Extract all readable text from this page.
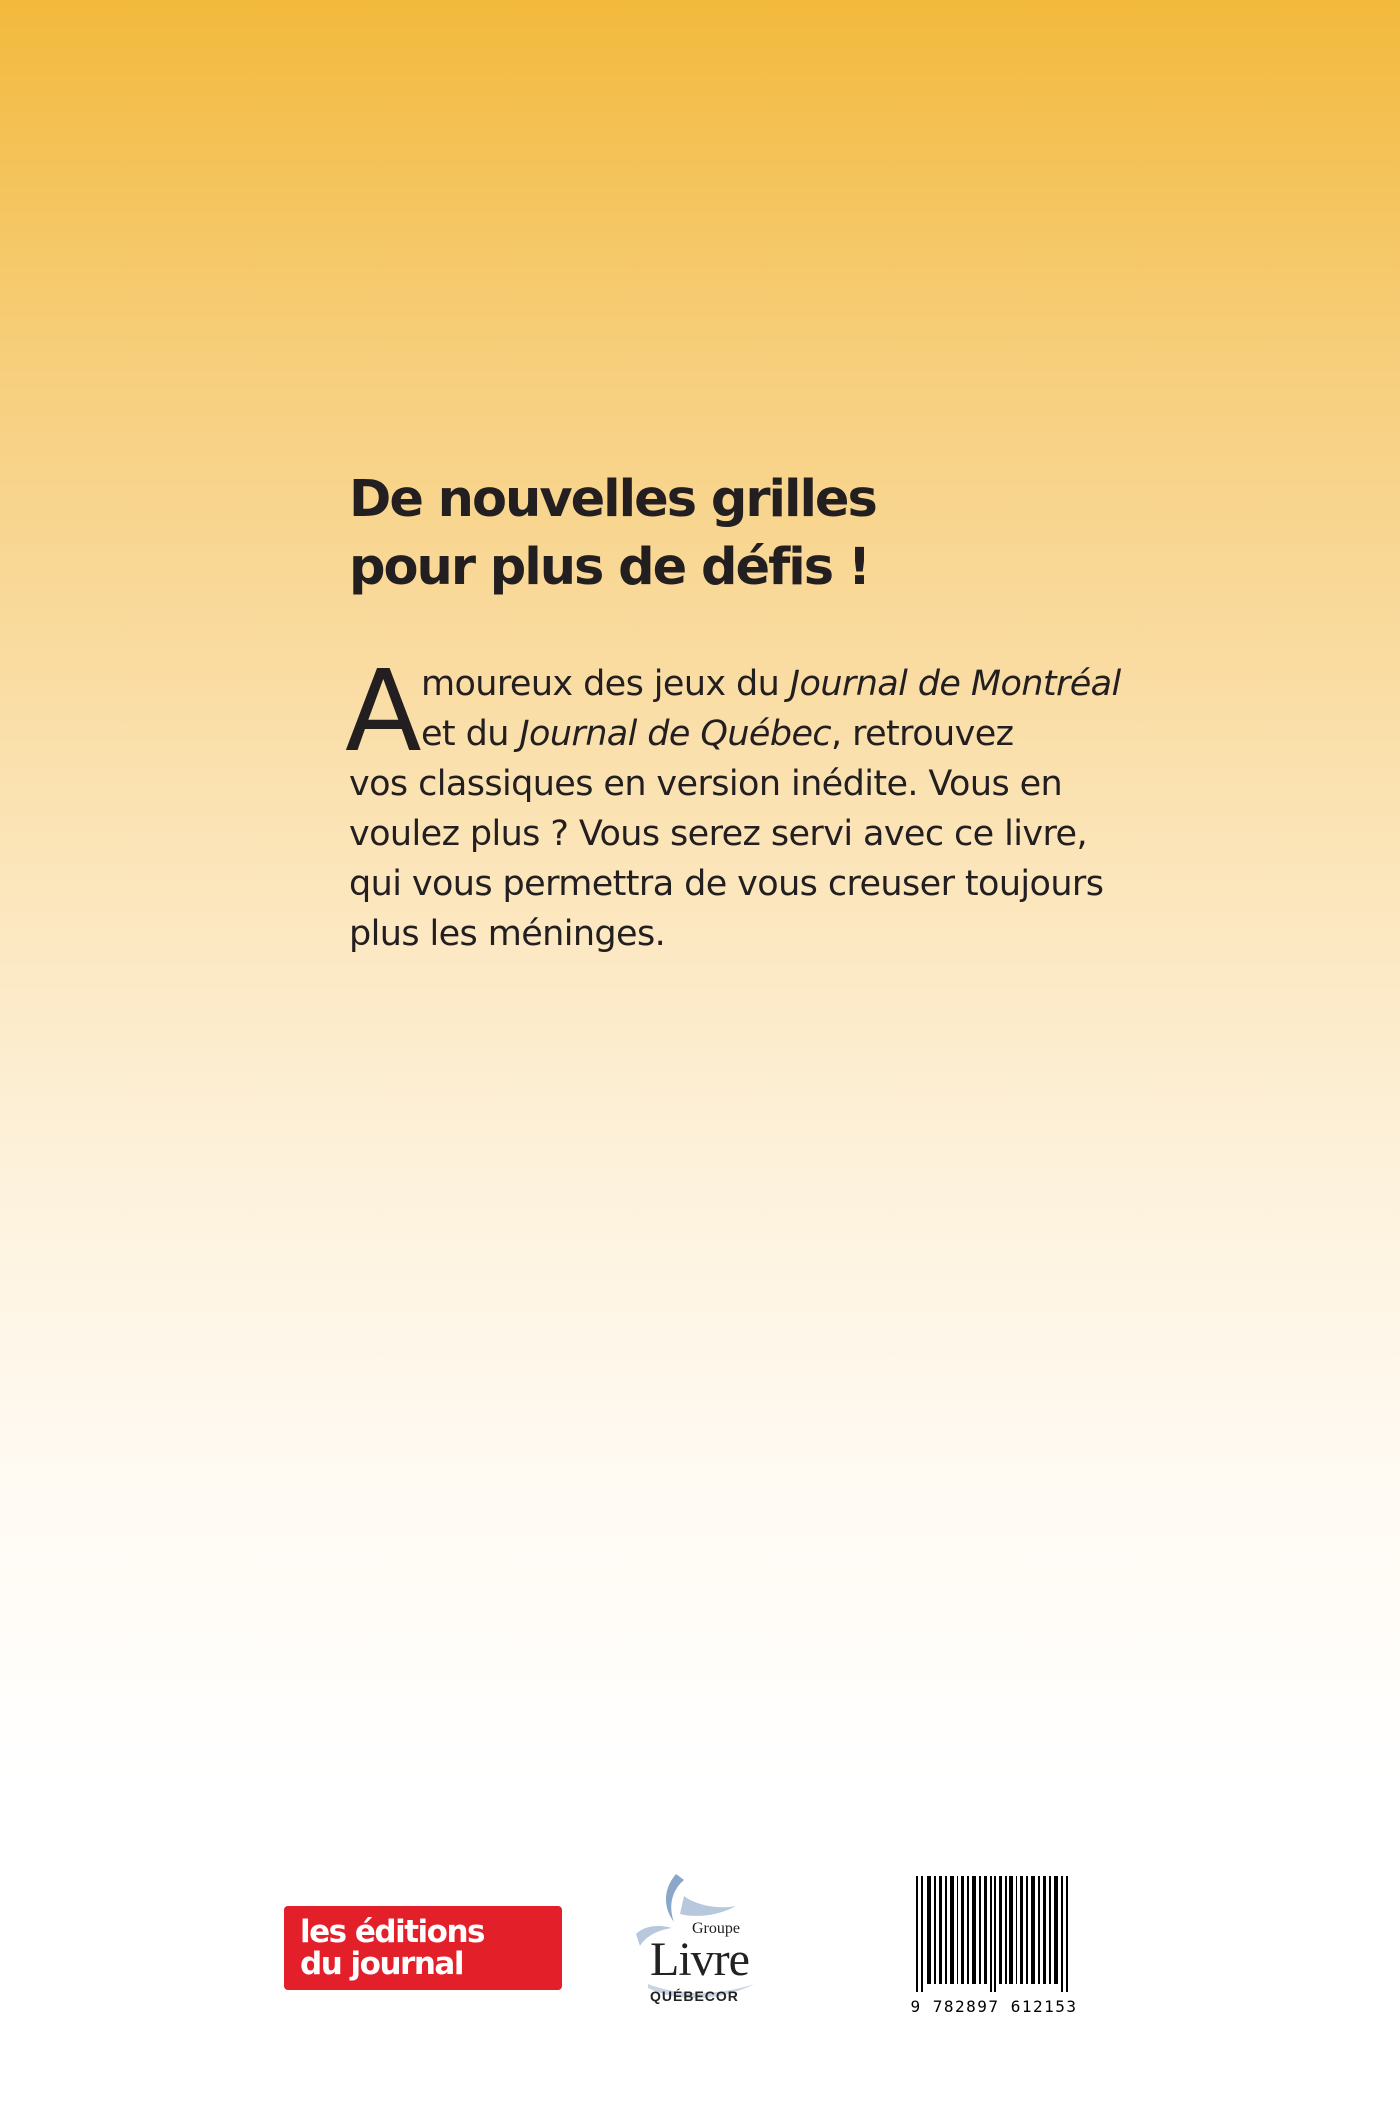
De nouvelles grilles
pour plus de défis !
A moureux des jeux du Journal de Montréal
et du Journal de Québec, retrouvez
vos classiques en version inédite. Vous en
voulez plus ? Vous serez servi avec ce livre,
qui vous permettra de vous creuser toujours
plus les méninges.
les éditions
du journal
Groupe
Livre
QUÉBECOR
9 782897 612153
